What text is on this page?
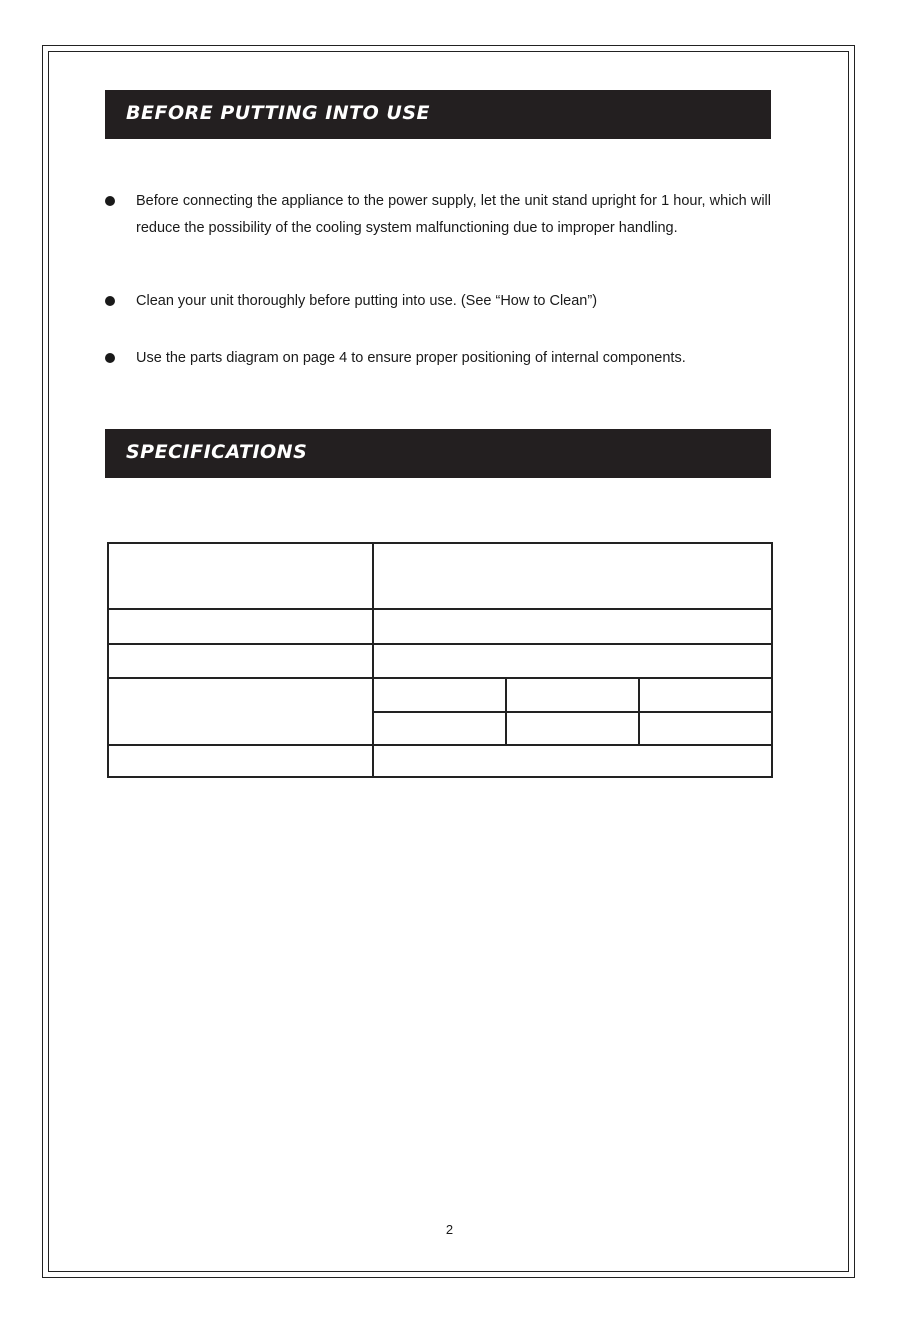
BEFORE PUTTING INTO USE
Before connecting the appliance to the power supply, let the unit stand upright for 1 hour, which will reduce the possibility of the cooling system malfunctioning due to improper handling.
Clean your unit thoroughly before putting into use. (See “How to Clean”)
Use the parts diagram on page 4 to ensure proper positioning of internal components.
SPECIFICATIONS
2
